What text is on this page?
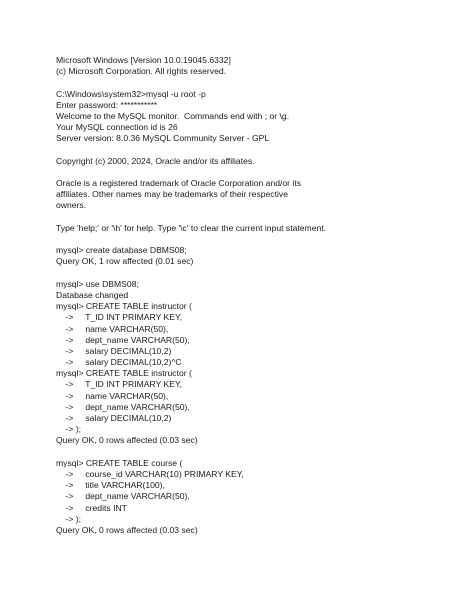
Microsoft Windows [Version 10.0.19045.6332]
(c) Microsoft Corporation. All rights reserved.
C:\Windows\system32>mysql -u root -p
Enter password: ***********
Welcome to the MySQL monitor.  Commands end with ; or \g.
Your MySQL connection id is 26
Server version: 8.0.36 MySQL Community Server - GPL
Copyright (c) 2000, 2024, Oracle and/or its affiliates.
Oracle is a registered trademark of Oracle Corporation and/or its
affiliates. Other names may be trademarks of their respective
owners.
Type 'help;' or '\h' for help. Type '\c' to clear the current input statement.
mysql> create database DBMS08;
Query OK, 1 row affected (0.01 sec)
mysql> use DBMS08;
Database changed
mysql> CREATE TABLE instructor (
->     T_ID INT PRIMARY KEY,
->     name VARCHAR(50),
->     dept_name VARCHAR(50),
->     salary DECIMAL(10,2)
->     salary DECIMAL(10,2)^C
mysql> CREATE TABLE instructor (
->     T_ID INT PRIMARY KEY,
->     name VARCHAR(50),
->     dept_name VARCHAR(50),
->     salary DECIMAL(10,2)
-> );
Query OK, 0 rows affected (0.03 sec)
mysql> CREATE TABLE course (
->     course_id VARCHAR(10) PRIMARY KEY,
->     title VARCHAR(100),
->     dept_name VARCHAR(50),
->     credits INT
-> );
Query OK, 0 rows affected (0.03 sec)
